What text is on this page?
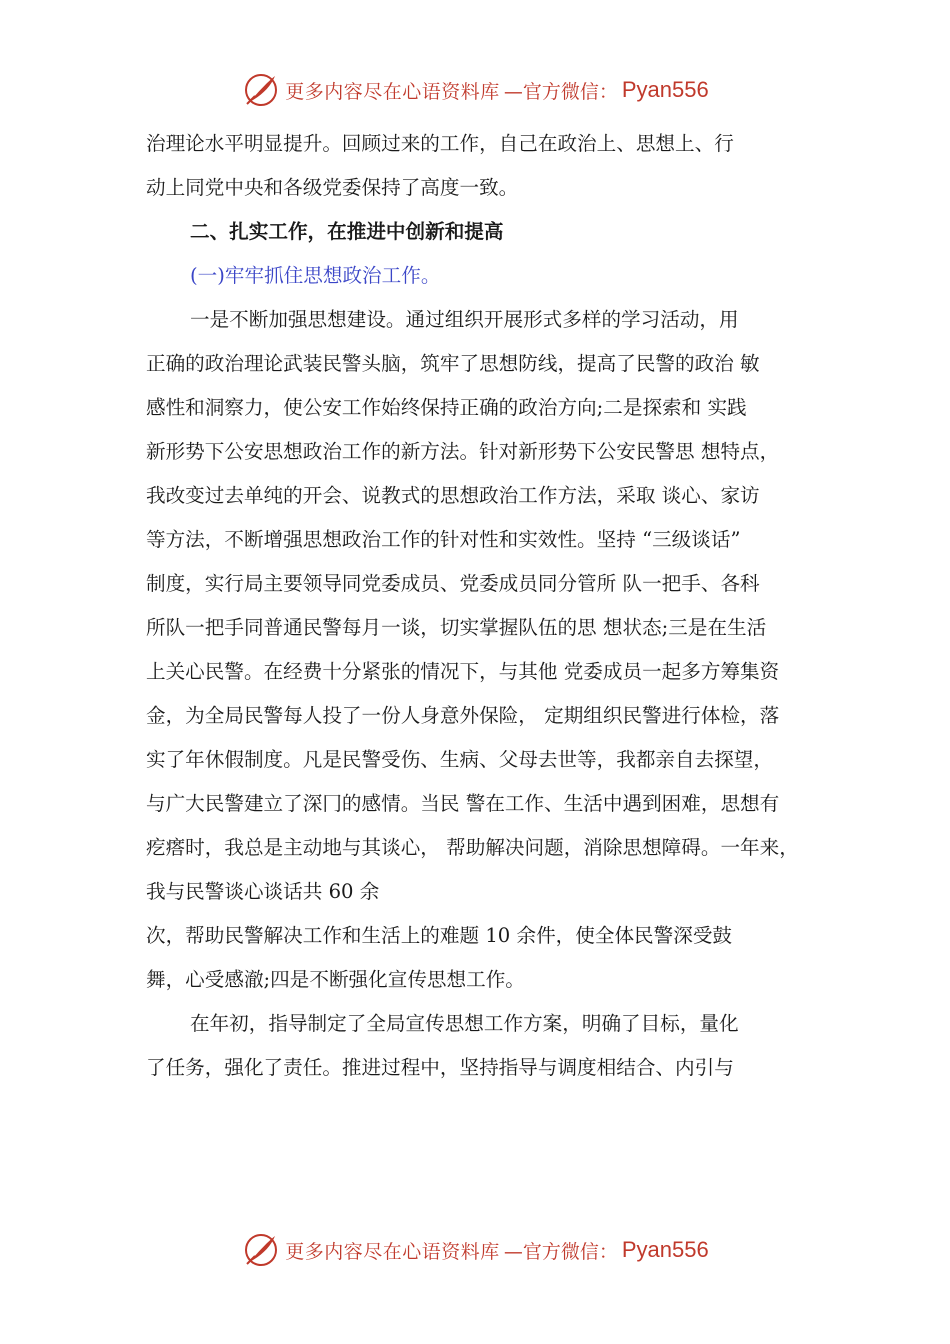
更多内容尽在心语资料库 —官方微信： Pyan556
治理论水平明显提升。回顾过来的工作，自己在政治上、思想上、行
动上同党中央和各级党委保持了高度一致。
二、扎实工作，在推进中创新和提高
(一)牢牢抓住思想政治工作。
一是不断加强思想建设。通过组织开展形式多样的学习活动，用
正确的政治理论武装民警头脑，筑牢了思想防线，提高了民警的政治 敏
感性和洞察力，使公安工作始终保持正确的政治方向;二是探索和 实践
新形势下公安思想政治工作的新方法。针对新形势下公安民警思 想特点，
我改变过去单纯的开会、说教式的思想政治工作方法，采取 谈心、家访
等方法，不断增强思想政治工作的针对性和实效性。坚持 “三级谈话”
制度，实行局主要领导同党委成员、党委成员同分管所 队一把手、各科
所队一把手同普通民警每月一谈，切实掌握队伍的思 想状态;三是在生活
上关心民警。在经费十分紧张的情况下，与其他 党委成员一起多方筹集资
金，为全局民警每人投了一份人身意外保险， 定期组织民警进行体检，落
实了年休假制度。凡是民警受伤、生病、父母去世等，我都亲自去探望，
与广大民警建立了深⼌的感情。当民 警在工作、生活中遇到困难，思想有
疙瘩时，我总是主动地与其谈心， 帮助解决问题，消除思想障碍。一年来，
我与民警谈心谈话共 60 余
次，帮助民警解决工作和生活上的难题 10 余件，使全体民警深受鼓
舞，心受感澈;四是不断强化宣传思想工作。
在年初，指导制定了全局宣传思想工作方案，明确了目标，量化
了任务，强化了责任。推进过程中，坚持指导与调度相结合、内引与
更多内容尽在心语资料库 —官方微信： Pyan556
